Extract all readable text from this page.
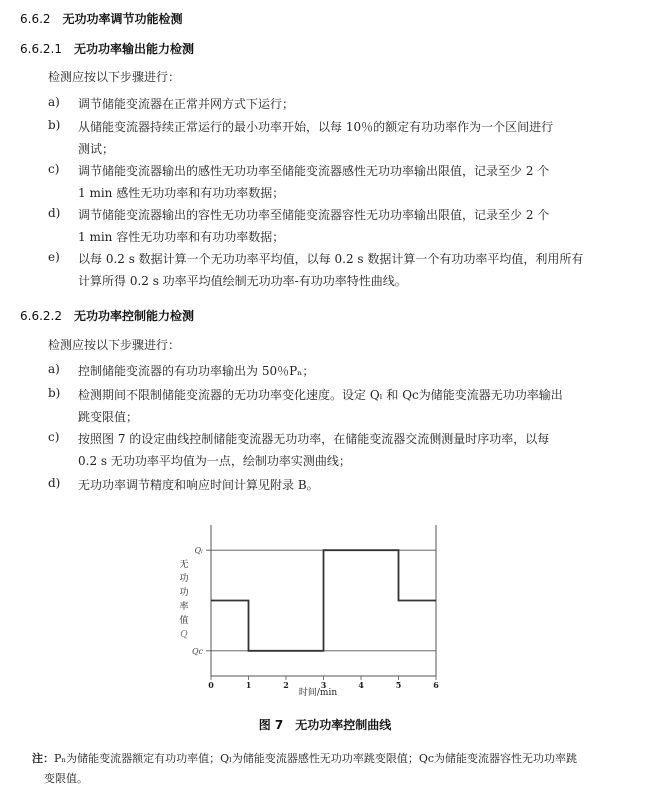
6.6.2 无功功率调节功能检测
6.6.2.1 无功功率输出能力检测
检测应按以下步骤进行：
a)	调节储能变流器在正常并网方式下运行；
b)	从储能变流器持续正常运行的最小功率开始，以每 10％的额定有功功率作为一个区间进行
测试；
c)	调节储能变流器输出的感性无功功率至储能变流器感性无功功率输出限值，记录至少 2 个
1 min 感性无功功率和有功功率数据；
d)	调节储能变流器输出的容性无功功率至储能变流器容性无功功率输出限值，记录至少 2 个
1 min 容性无功功率和有功功率数据；
e)	以每 0.2 s 数据计算一个无功功率平均值，以每 0.2 s 数据计算一个有功功率平均值，利用所有
计算所得 0.2 s 功率平均值绘制无功功率-有功功率特性曲线。
6.6.2.2 无功功率控制能力检测
检测应按以下步骤进行：
a)	控制储能变流器的有功功率输出为 50％Pₙ；
b)	检测期间不限制储能变流器的无功功率变化速度。设定 Qₗ 和 Qc为储能变流器无功功率输出
跳变限值；
c)	按照图 7 的设定曲线控制储能变流器无功功率，在储能变流器交流侧测量时序功率，以每
0.2 s 无功功率平均值为一点，绘制功率实测曲线；
d)	无功功率调节精度和响应时间计算见附录 B。
Qₗ
Qc
0	1	2	3	4	5	6
无
功
功
率
值
Q
时间/min
图 7　无功功率控制曲线
注：Pₙ为储能变流器额定有功功率值；Qₗ为储能变流器感性无功功率跳变限值；Qc为储能变流器容性无功功率跳
变限值。
